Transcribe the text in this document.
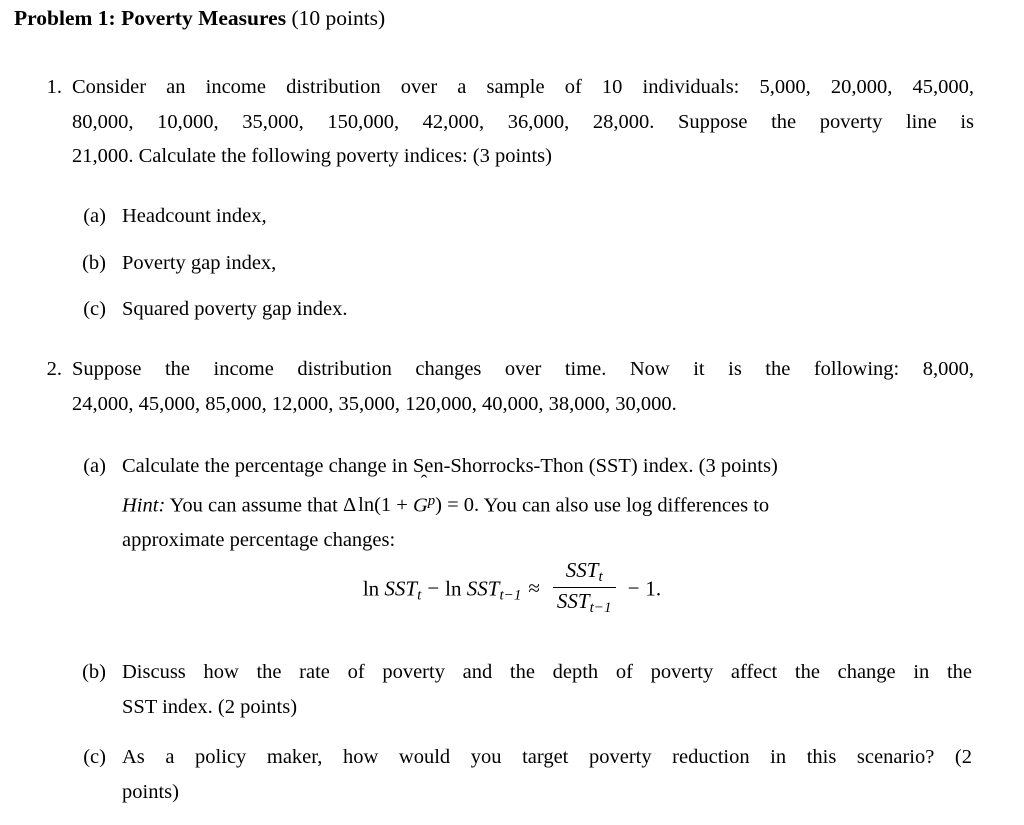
Problem 1: Poverty Measures (10 points)
1. Consider an income distribution over a sample of 10 individuals: 5,000, 20,000, 45,000,
80,000, 10,000, 35,000, 150,000, 42,000, 36,000, 28,000. Suppose the poverty line is
21,000. Calculate the following poverty indices: (3 points)
(a) Headcount index,
(b) Poverty gap index,
(c) Squared poverty gap index.
2. Suppose the income distribution changes over time. Now it is the following: 8,000,
24,000, 45,000, 85,000, 12,000, 35,000, 120,000, 40,000, 38,000, 30,000.
(a) Calculate the percentage change in Sen-Shorrocks-Thon (SST) index. (3 points)
Hint: You can assume that Δln(1 +
ˆ
$G^p) = 0$. You can also use log differences to
approximate percentage changes:
$\ln SST_t - \ln SST_{t-1} \approx \frac{SST_t}{SST_{t-1}} - 1$.
(b) Discuss how the rate of poverty and the depth of poverty affect the change in the
SST index. (2 points)
(c) As a policy maker, how would you target poverty reduction in this scenario? (2
points)
